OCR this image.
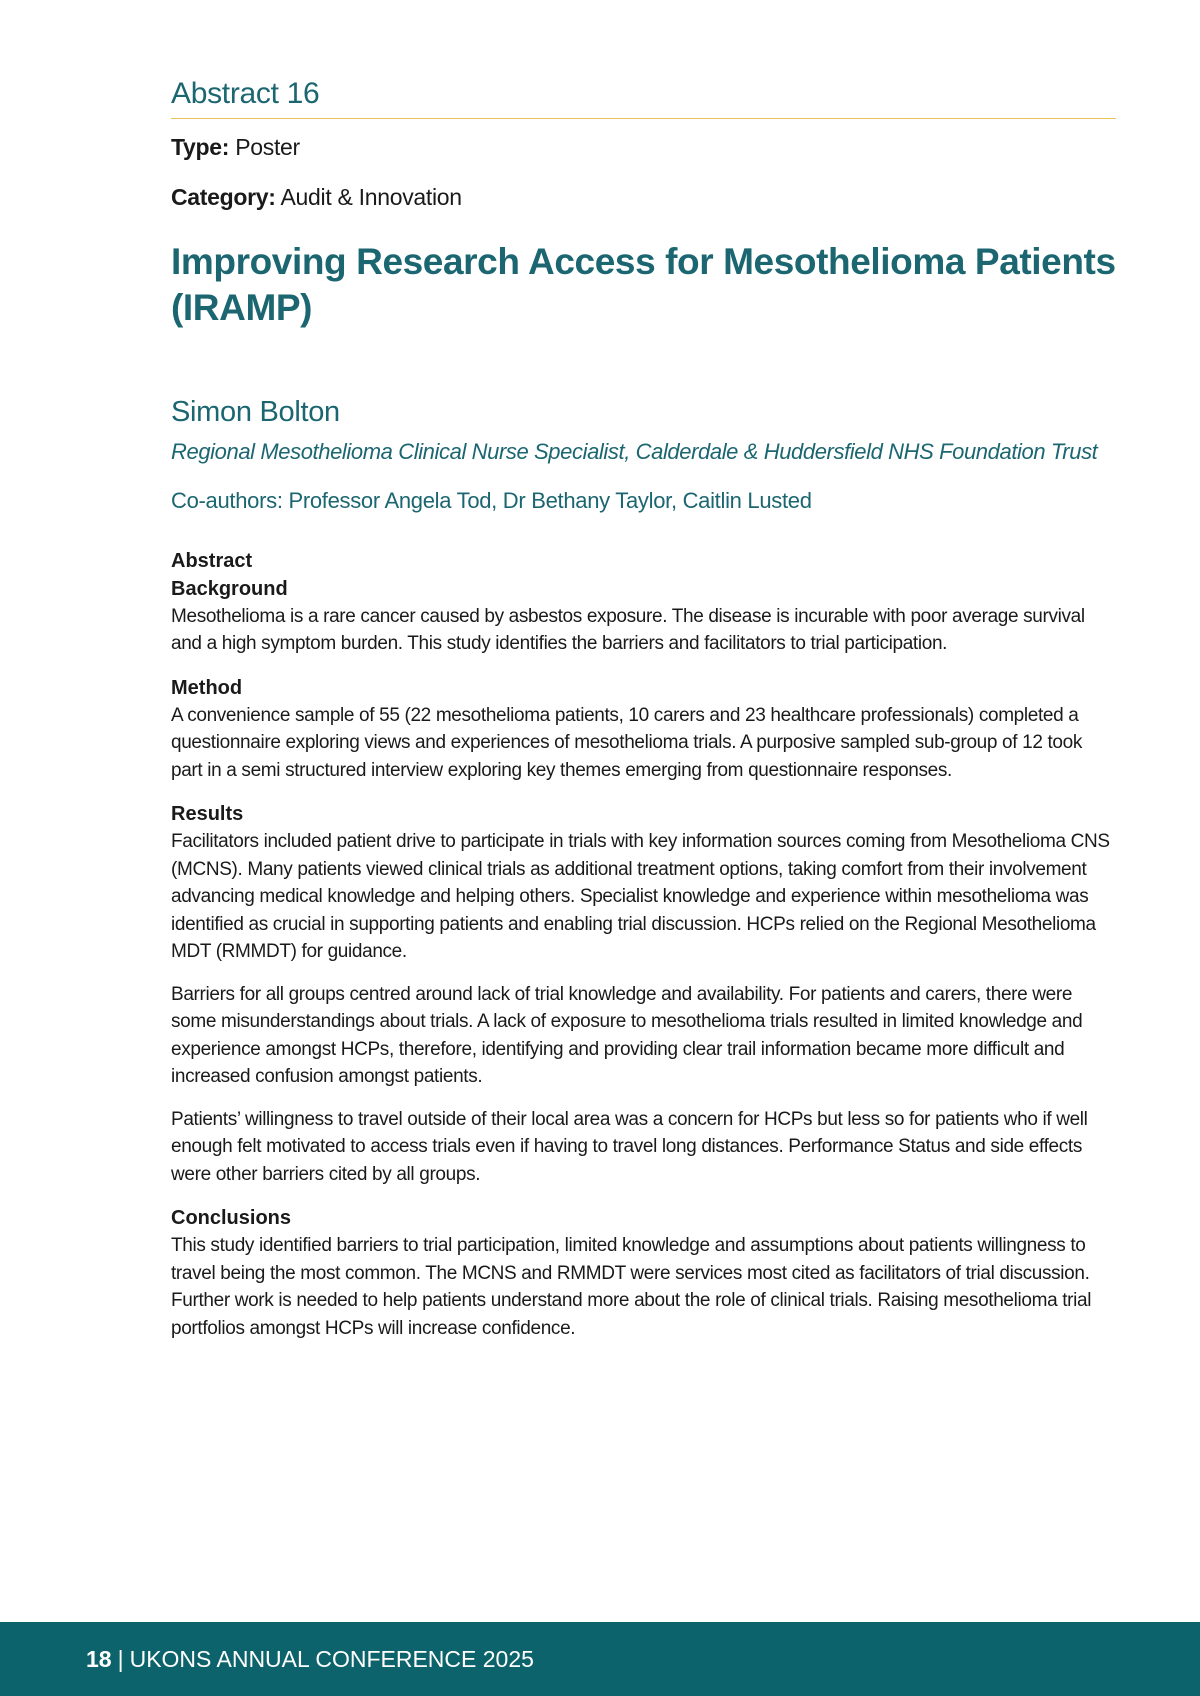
Abstract 16
Type: Poster
Category: Audit & Innovation
Improving Research Access for Mesothelioma Patients (IRAMP)
Simon Bolton
Regional Mesothelioma Clinical Nurse Specialist, Calderdale & Huddersfield NHS Foundation Trust
Co-authors: Professor Angela Tod, Dr Bethany Taylor, Caitlin Lusted
Abstract
Background
Mesothelioma is a rare cancer caused by asbestos exposure. The disease is incurable with poor average survival and a high symptom burden. This study identifies the barriers and facilitators to trial participation.
Method
A convenience sample of 55 (22 mesothelioma patients, 10 carers and 23 healthcare professionals) completed a questionnaire exploring views and experiences of mesothelioma trials. A purposive sampled sub-group of 12 took part in a semi structured interview exploring key themes emerging from questionnaire responses.
Results
Facilitators included patient drive to participate in trials with key information sources coming from Mesothelioma CNS (MCNS). Many patients viewed clinical trials as additional treatment options, taking comfort from their involvement advancing medical knowledge and helping others. Specialist knowledge and experience within mesothelioma was identified as crucial in supporting patients and enabling trial discussion. HCPs relied on the Regional Mesothelioma MDT (RMMDT) for guidance.
Barriers for all groups centred around lack of trial knowledge and availability. For patients and carers, there were some misunderstandings about trials. A lack of exposure to mesothelioma trials resulted in limited knowledge and experience amongst HCPs, therefore, identifying and providing clear trail information became more difficult and increased confusion amongst patients.
Patients’ willingness to travel outside of their local area was a concern for HCPs but less so for patients who if well enough felt motivated to access trials even if having to travel long distances. Performance Status and side effects were other barriers cited by all groups.
Conclusions
This study identified barriers to trial participation, limited knowledge and assumptions about patients willingness to travel being the most common. The MCNS and RMMDT were services most cited as facilitators of trial discussion. Further work is needed to help patients understand more about the role of clinical trials. Raising mesothelioma trial portfolios amongst HCPs will increase confidence.
18 | UKONS ANNUAL CONFERENCE 2025
